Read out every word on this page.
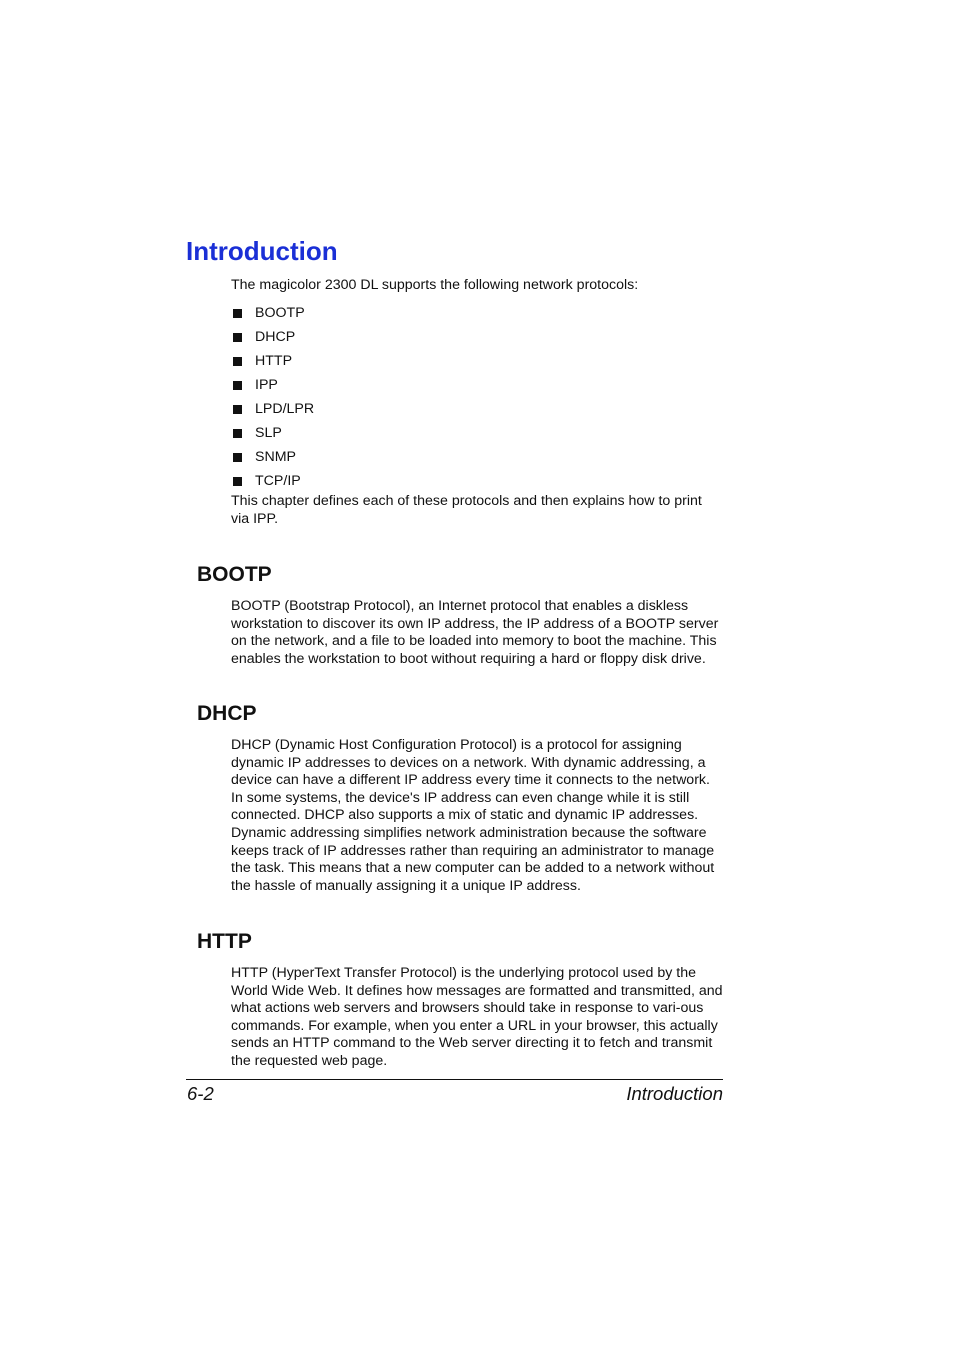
Introduction

The magicolor 2300 DL supports the following network protocols:

BOOTP
DHCP
HTTP
IPP
LPD/LPR
SLP
SNMP
TCP/IP

This chapter defines each of these protocols and then explains how to print via IPP.

BOOTP

BOOTP (Bootstrap Protocol), an Internet protocol that enables a diskless workstation to discover its own IP address, the IP address of a BOOTP server on the network, and a file to be loaded into memory to boot the machine. This enables the workstation to boot without requiring a hard or floppy disk drive.

DHCP

DHCP (Dynamic Host Configuration Protocol) is a protocol for assigning dynamic IP addresses to devices on a network. With dynamic addressing, a device can have a different IP address every time it connects to the network. In some systems, the device's IP address can even change while it is still connected. DHCP also supports a mix of static and dynamic IP addresses. Dynamic addressing simplifies network administration because the software keeps track of IP addresses rather than requiring an administrator to manage the task. This means that a new computer can be added to a network without the hassle of manually assigning it a unique IP address.

HTTP

HTTP (HyperText Transfer Protocol) is the underlying protocol used by the World Wide Web. It defines how messages are formatted and transmitted, and what actions web servers and browsers should take in response to vari-ous commands. For example, when you enter a URL in your browser, this actually sends an HTTP command to the Web server directing it to fetch and transmit the requested web page.

6-2	Introduction
